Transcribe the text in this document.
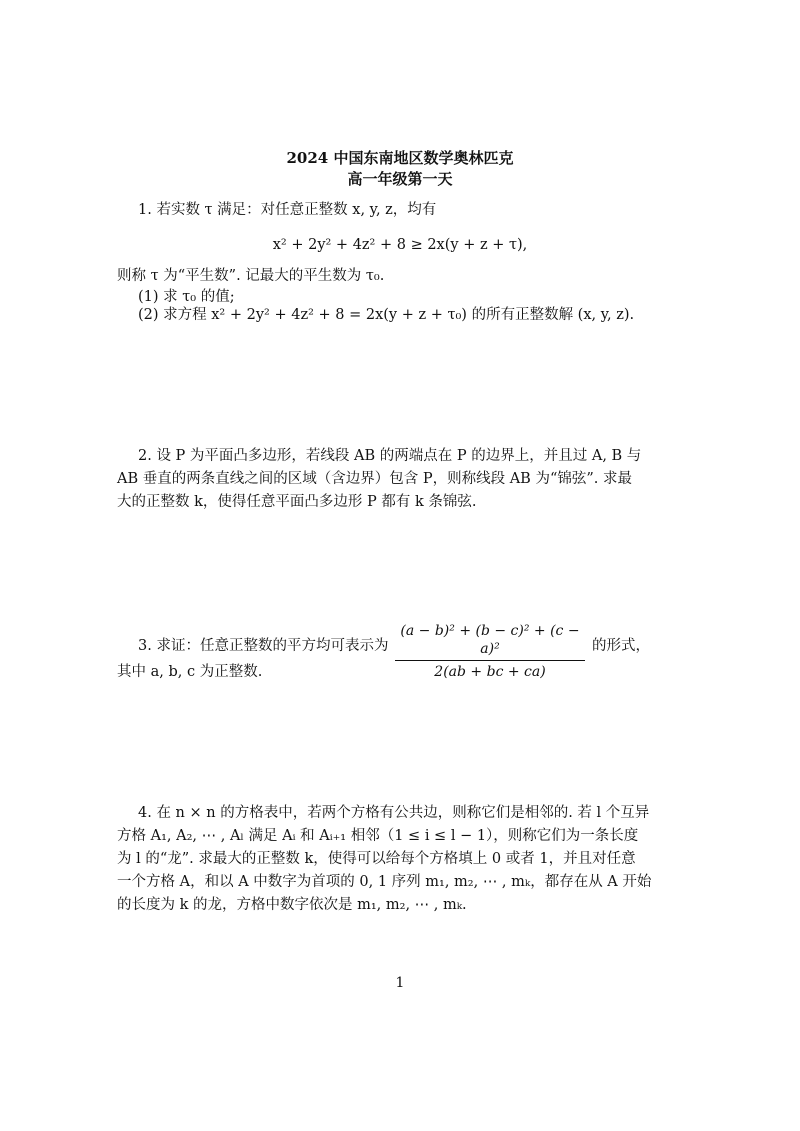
2024 中国东南地区数学奥林匹克
高一年级第一天
1. 若实数 τ 满足：对任意正整数 x, y, z，均有
x² + 2y² + 4z² + 8 ≥ 2x(y + z + τ),
则称 τ 为“平生数”. 记最大的平生数为 τ₀.
(1) 求 τ₀ 的值;
(2) 求方程 x² + 2y² + 4z² + 8 = 2x(y + z + τ₀) 的所有正整数解 (x, y, z).
2. 设 P 为平面凸多边形，若线段 AB 的两端点在 P 的边界上，并且过 A, B 与
AB 垂直的两条直线之间的区域（含边界）包含 P，则称线段 AB 为“锦弦”. 求最
大的正整数 k，使得任意平面凸多边形 P 都有 k 条锦弦.
3. 求证：任意正整数的平方均可表示为
(a − b)² + (b − c)² + (c − a)²
2(ab + bc + ca)
的形式，
其中 a, b, c 为正整数.
4. 在 n × n 的方格表中，若两个方格有公共边，则称它们是相邻的. 若 l 个互异
方格 A₁, A₂, ⋯ , Aₗ 满足 Aᵢ 和 Aᵢ₊₁ 相邻（1 ≤ i ≤ l − 1），则称它们为一条长度
为 l 的“龙”. 求最大的正整数 k，使得可以给每个方格填上 0 或者 1，并且对任意
一个方格 A，和以 A 中数字为首项的 0, 1 序列 m₁, m₂, ⋯ , mₖ，都存在从 A 开始
的长度为 k 的龙，方格中数字依次是 m₁, m₂, ⋯ , mₖ.
1
